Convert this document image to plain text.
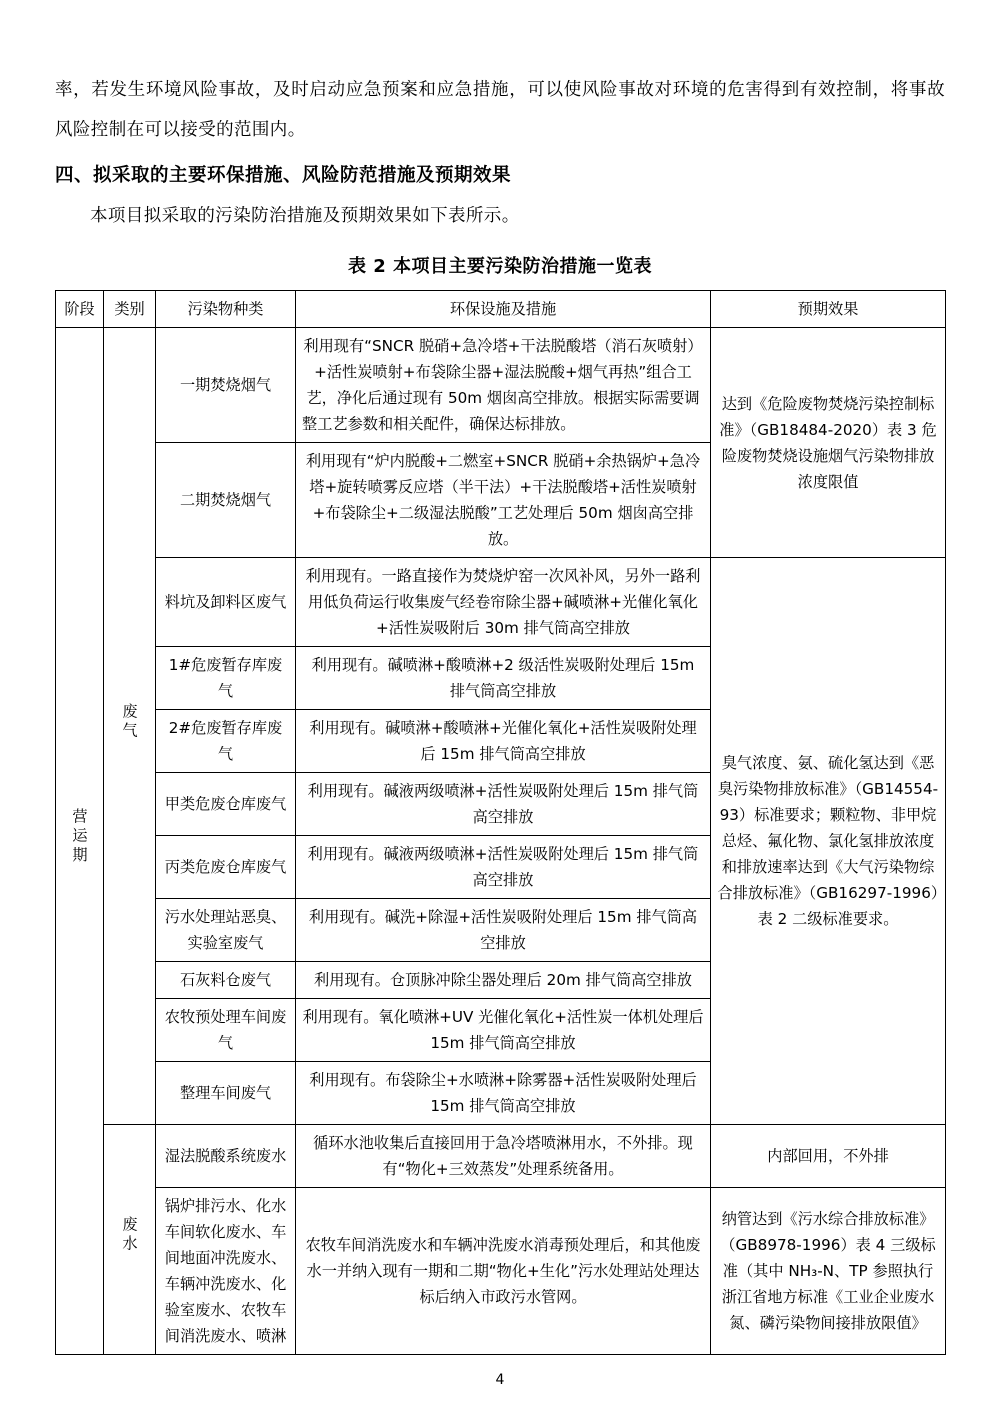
率，若发生环境风险事故，及时启动应急预案和应急措施，可以使风险事故对环境的危害得到有效控制，将事故风险控制在可以接受的范围内。
四、拟采取的主要环保措施、风险防范措施及预期效果
本项目拟采取的污染防治措施及预期效果如下表所示。
表 2 本项目主要污染防治措施一览表
阶段	类别	污染物种类	环保设施及措施	预期效果
营运期	废气	一期焚烧烟气	利用现有“SNCR 脱硝+急冷塔+干法脱酸塔（消石灰喷射）+活性炭喷射+布袋除尘器+湿法脱酸+烟气再热”组合工艺，净化后通过现有 50m 烟囱高空排放。根据实际需要调整工艺参数和相关配件，确保达标排放。	达到《危险废物焚烧污染控制标准》（GB18484-2020）表 3 危险废物焚烧设施烟气污染物排放浓度限值
		二期焚烧烟气	利用现有“炉内脱酸+二燃室+SNCR 脱硝+余热锅炉+急冷塔+旋转喷雾反应塔（半干法）+干法脱酸塔+活性炭喷射+布袋除尘+二级湿法脱酸”工艺处理后 50m 烟囱高空排放。	
		料坑及卸料区废气	利用现有。一路直接作为焚烧炉窑一次风补风，另外一路利用低负荷运行收集废气经卷帘除尘器+碱喷淋+光催化氧化+活性炭吸附后 30m 排气筒高空排放	臭气浓度、氨、硫化氢达到《恶臭污染物排放标准》（GB14554-93）标准要求；颗粒物、非甲烷总烃、氟化物、氯化氢排放浓度和排放速率达到《大气污染物综合排放标准》（GB16297-1996）表 2 二级标准要求。
		1#危废暂存库废气	利用现有。碱喷淋+酸喷淋+2 级活性炭吸附处理后 15m 排气筒高空排放	
		2#危废暂存库废气	利用现有。碱喷淋+酸喷淋+光催化氧化+活性炭吸附处理后 15m 排气筒高空排放	
		甲类危废仓库废气	利用现有。碱液两级喷淋+活性炭吸附处理后 15m 排气筒高空排放	
		丙类危废仓库废气	利用现有。碱液两级喷淋+活性炭吸附处理后 15m 排气筒高空排放	
		污水处理站恶臭、实验室废气	利用现有。碱洗+除湿+活性炭吸附处理后 15m 排气筒高空排放	
		石灰料仓废气	利用现有。仓顶脉冲除尘器处理后 20m 排气筒高空排放	
		农牧预处理车间废气	利用现有。氧化喷淋+UV 光催化氧化+活性炭一体机处理后 15m 排气筒高空排放	
		整理车间废气	利用现有。布袋除尘+水喷淋+除雾器+活性炭吸附处理后 15m 排气筒高空排放	
	废水	湿法脱酸系统废水	循环水池收集后直接回用于急冷塔喷淋用水，不外排。现有“物化+三效蒸发”处理系统备用。	内部回用，不外排
		锅炉排污水、化水车间软化废水、车间地面冲洗废水、车辆冲洗废水、化验室废水、农牧车间消洗废水、喷淋	农牧车间消洗废水和车辆冲洗废水消毒预处理后，和其他废水一并纳入现有一期和二期“物化+生化”污水处理站处理达标后纳入市政污水管网。	纳管达到《污水综合排放标准》（GB8978-1996）表 4 三级标准（其中 NH₃-N、TP 参照执行浙江省地方标准《工业企业废水氮、磷污染物间接排放限值》
4
